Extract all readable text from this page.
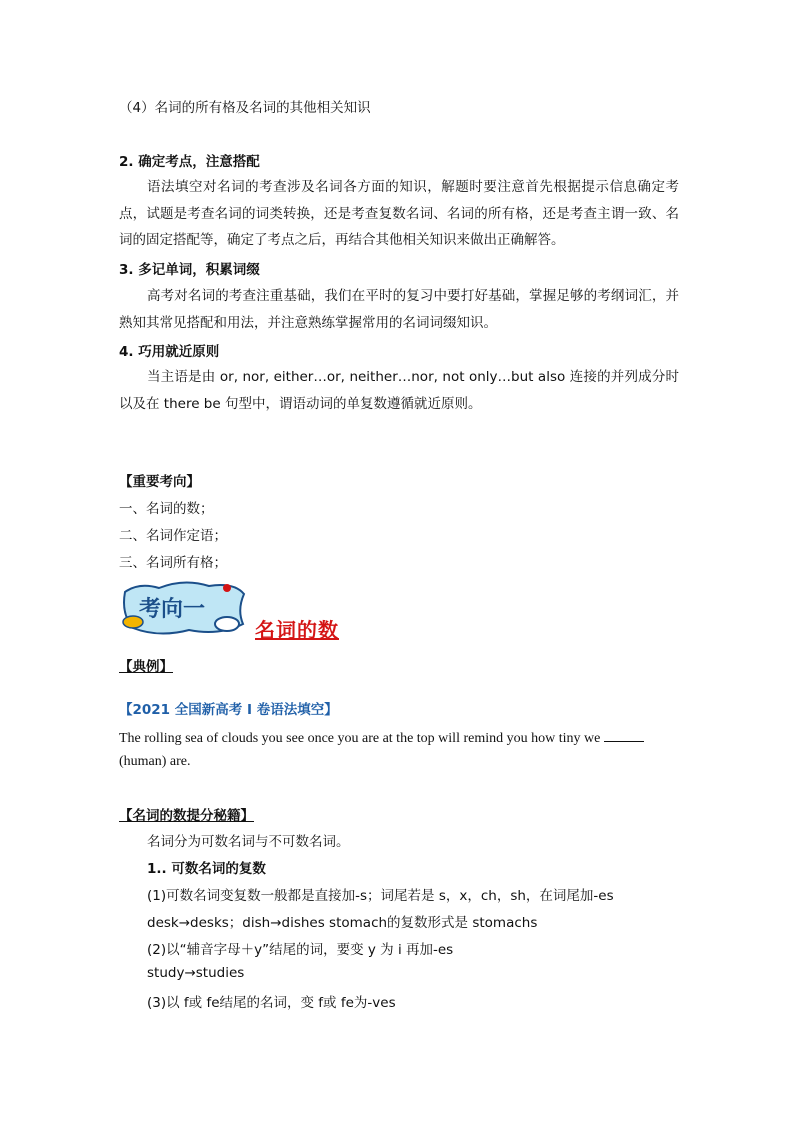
（4）名词的所有格及名词的其他相关知识
2. 确定考点，注意搭配
语法填空对名词的考查涉及名词各方面的知识，解题时要注意首先根据提示信息确定考点，试题是考查名词的词类转换，还是考查复数名词、名词的所有格，还是考查主谓一致、名词的固定搭配等，确定了考点之后，再结合其他相关知识来做出正确解答。
3. 多记单词，积累词缀
高考对名词的考查注重基础，我们在平时的复习中要打好基础，掌握足够的考纲词汇，并熟知其常见搭配和用法，并注意熟练掌握常用的名词词缀知识。
4. 巧用就近原则
当主语是由 or, nor, either…or, neither…nor, not only…but also 连接的并列成分时以及在 there be 句型中，谓语动词的单复数遵循就近原则。
【重要考向】
一、名词的数；
二、名词作定语；
三、名词所有格；
考向一
名词的数
【典例】
【2021 全国新高考 I 卷语法填空】
The rolling sea of clouds you see once you are at the top will remind you how tiny we
(human) are.
【名词的数提分秘籍】
名词分为可数名词与不可数名词。
1.. 可数名词的复数
(1)可数名词变复数一般都是直接加-s；词尾若是 s，x，ch，sh，在词尾加-es
desk→desks；dish→dishes stomach的复数形式是 stomachs
(2)以“辅音字母＋y”结尾的词，要变 y 为 i 再加-es
study→studies
(3)以 f或 fe结尾的名词，变 f或 fe为-ves
